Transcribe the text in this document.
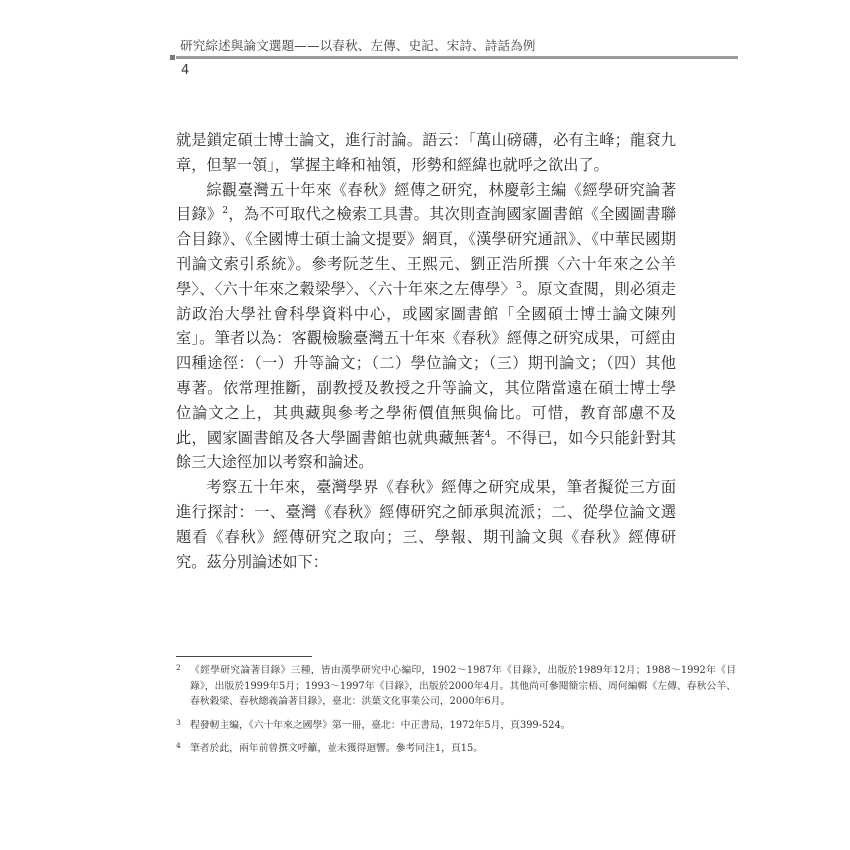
研究綜述與論文選題——以春秋、左傳、史記、宋詩、詩話為例
4

就是鎖定碩士博士論文，進行討論。語云：「萬山磅礴，必有主峰；龍袞九章，但挈一領」，掌握主峰和袖領，形勢和經緯也就呼之欲出了。

綜觀臺灣五十年來《春秋》經傳之研究，林慶彰主編《經學研究論著目錄》$^2$，為不可取代之檢索工具書。其次則查詢國家圖書館《全國圖書聯合目錄》、《全國博士碩士論文提要》網頁，《漢學研究通訊》、《中華民國期刊論文索引系統》。參考阮芝生、王熙元、劉正浩所撰〈六十年來之公羊學〉、〈六十年來之穀梁學〉、〈六十年來之左傳學〉$^3$。原文查閱，則必須走訪政治大學社會科學資料中心，或國家圖書館「全國碩士博士論文陳列室」。筆者以為：客觀檢驗臺灣五十年來《春秋》經傳之研究成果，可經由四種途徑：（一）升等論文；（二）學位論文；（三）期刊論文；（四）其他專著。依常理推斷，副教授及教授之升等論文，其位階當遠在碩士博士學位論文之上，其典藏與參考之學術價值無與倫比。可惜，教育部慮不及此，國家圖書館及各大學圖書館也就典藏無著$^4$。不得已，如今只能針對其餘三大途徑加以考察和論述。

考察五十年來，臺灣學界《春秋》經傳之研究成果，筆者擬從三方面進行探討：一、臺灣《春秋》經傳研究之師承與流派；二、從學位論文選題看《春秋》經傳研究之取向；三、學報、期刊論文與《春秋》經傳研究。茲分別論述如下：

2 《經學研究論著目錄》三種，皆由漢學研究中心編印，1902～1987年《目錄》，出版於1989年12月；1988～1992年《目錄》，出版於1999年5月；1993～1997年《目錄》，出版於2000年4月。其他尚可參閱簡宗梧、周何編輯《左傳、春秋公羊、春秋穀梁、春秋總義論著目錄》，臺北：洪葉文化事業公司，2000年6月。
3 程發軔主編，《六十年來之國學》第一冊，臺北：中正書局，1972年5月，頁399-524。
4 筆者於此，兩年前曾撰文呼籲，並未獲得迴響。參考同注1，頁15。
